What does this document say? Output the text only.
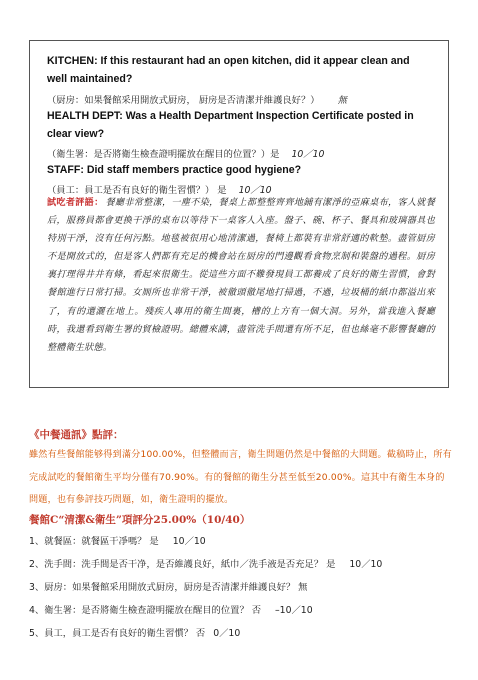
KITCHEN: If this restaurant had an open kitchen, did it appear clean and
well maintained?
（厨房：如果餐館采用開放式厨房， 厨房是否清潔并維護良好？） 無
HEALTH DEPT: Was a Health Department Inspection Certificate posted in
clear view?
（衛生署：是否將衛生檢查證明擺放在醒目的位置？）是 10／10
STAFF: Did staff members practice good hygiene?
（員工：員工是否有良好的衛生習慣？） 是 10／10
試吃者評語： 餐廳非常整潔，一塵不染，餐桌上都整整齊齊地鋪有潔淨的亞麻桌布，客人就餐后，服務員都會更換干淨的桌布以等待下一桌客人入座。盤子、碗、杯子、餐具和玻璃器具也特別干淨，沒有任何污點。地毯被很用心地清潔過，餐椅上都裝有非常舒適的軟墊。盡管厨房不是開放式的，但是客人們都有充足的機會站在厨房的門邊觀看食物烹制和裝盤的過程。厨房裏打理得井井有條，看起來很衛生。從這些方面不難發現員工都養成了良好的衛生習慣，會對餐館進行日常打掃。女厠所也非常干淨，被徹頭徹尾地打掃過，不過，垃圾桶的紙巾都溢出來了，有的還灑在地上。殘疾人專用的衛生間裏，槽的上方有一個大洞。另外，當我進入餐廳時，我還看到衛生署的貿檢證明。總體來講，盡管洗手間還有所不足，但也絲毫不影響餐廳的整體衛生狀態。
《中餐通訊》點評：
雖然有些餐館能够得到滿分100.00%，但整體而言，衛生問題仍然是中餐館的大問題。截稿時止，所有完成試吃的餐館衛生平均分僅有70.90%。有的餐館的衛生分甚至低至20.00%。這其中有衛生本身的問題，也有參評技巧問題，如，衛生證明的擺放。
餐館C“清潔&衛生”項評分25.00%（10/40）
1、就餐區：就餐區干凈嗎？ 是 10／10
2、洗手間：洗手間是否干净，是否維護良好，紙巾／洗手液是否充足？ 是 10／10
3、厨房：如果餐館采用開放式厨房，厨房是否清潔并維護良好？ 無
4、衛生署：是否將衛生檢查證明擺放在醒目的位置？ 否 –10／10
5、員工，員工是否有良好的衛生習慣？ 否 0／10
